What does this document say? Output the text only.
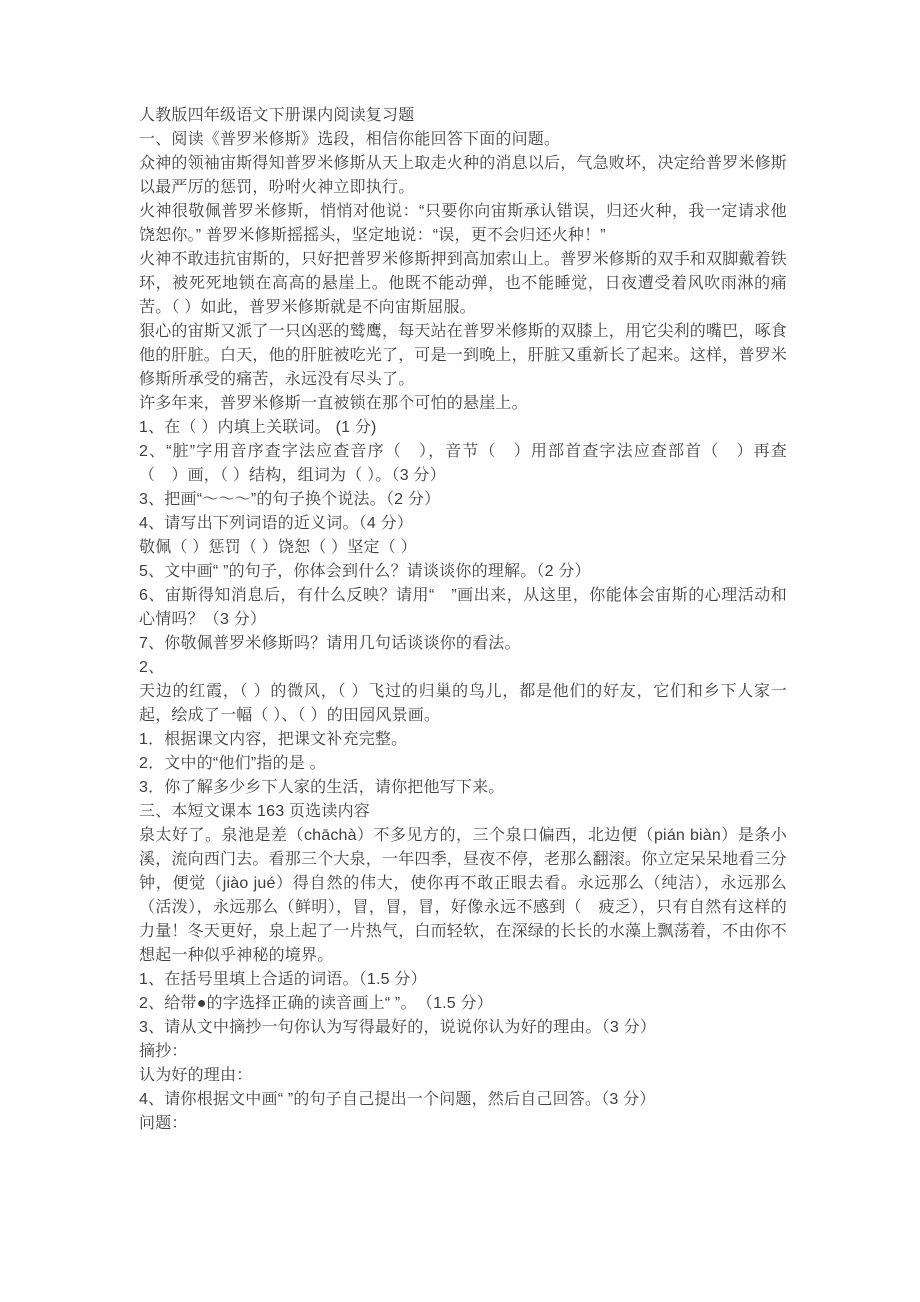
人教版四年级语文下册课内阅读复习题

一、阅读《普罗米修斯》选段，相信你能回答下面的问题。

众神的领袖宙斯得知普罗米修斯从天上取走火种的消息以后，气急败坏，决定给普罗米修斯以最严厉的惩罚，吩咐火神立即执行。

火神很敬佩普罗米修斯，悄悄对他说：“只要你向宙斯承认错误，归还火种，我一定请求他饶恕你。” 普罗米修斯摇摇头，坚定地说：“误，更不会归还火种！”

火神不敢违抗宙斯的，只好把普罗米修斯押到高加索山上。普罗米修斯的双手和双脚戴着铁环，被死死地锁在高高的悬崖上。他既不能动弹，也不能睡觉，日夜遭受着风吹雨淋的痛苦。（ ）如此，普罗米修斯就是不向宙斯屈服。

狠心的宙斯又派了一只凶恶的鹫鹰，每天站在普罗米修斯的双膝上，用它尖利的嘴巴，啄食他的肝脏。白天，他的肝脏被吃光了，可是一到晚上，肝脏又重新长了起来。这样，普罗米修斯所承受的痛苦，永远没有尽头了。

许多年来，普罗米修斯一直被锁在那个可怕的悬崖上。

1、在（ ）内填上关联词。 (1 分)

2、“脏”字用音序查字法应查音序（　），音节（　）用部首查字法应查部首（　）再查（　）画，（ ）结构，组词为（ ）。（3 分）

3、把画“～～～”的句子换个说法。（2 分）

4、请写出下列词语的近义词。（4 分）

敬佩（ ）惩罚（ ）饶恕（ ）坚定（ ）

5、文中画“ ”的句子，你体会到什么？请谈谈你的理解。（2 分）

6、宙斯得知消息后，有什么反映？请用“　”画出来，从这里，你能体会宙斯的心理活动和心情吗？（3 分）

7、你敬佩普罗米修斯吗？请用几句话谈谈你的看法。

2、

天边的红霞，（ ）的微风，（ ）飞过的归巢的鸟儿，都是他们的好友，它们和乡下人家一起，绘成了一幅（ ）、（ ）的田园风景画。

1．根据课文内容，把课文补充完整。

2．文中的“他们”指的是 。

3．你了解多少乡下人家的生活，请你把他写下来。

三、本短文课本 163 页选读内容

泉太好了。泉池是差（chāchà）不多见方的，三个泉口偏西，北边便（pián biàn）是条小溪，流向西门去。看那三个大泉，一年四季，昼夜不停，老那么翻滚。你立定呆呆地看三分钟，便觉（jiào jué）得自然的伟大，使你再不敢正眼去看。永远那么（纯洁），永远那么（活泼），永远那么（鲜明），冒，冒，冒，好像永远不感到（　疲乏），只有自然有这样的力量！冬天更好，泉上起了一片热气，白而轻软，在深绿的长长的水藻上飘荡着，不由你不想起一种似乎神秘的境界。

1、在括号里填上合适的词语。（1.5 分）

2、给带●的字选择正确的读音画上“ ”。　（1.5 分）

3、请从文中摘抄一句你认为写得最好的，说说你认为好的理由。（3 分）

摘抄：

认为好的理由：

4、请你根据文中画“ ”的句子自己提出一个问题，然后自己回答。（3 分）

问题：
